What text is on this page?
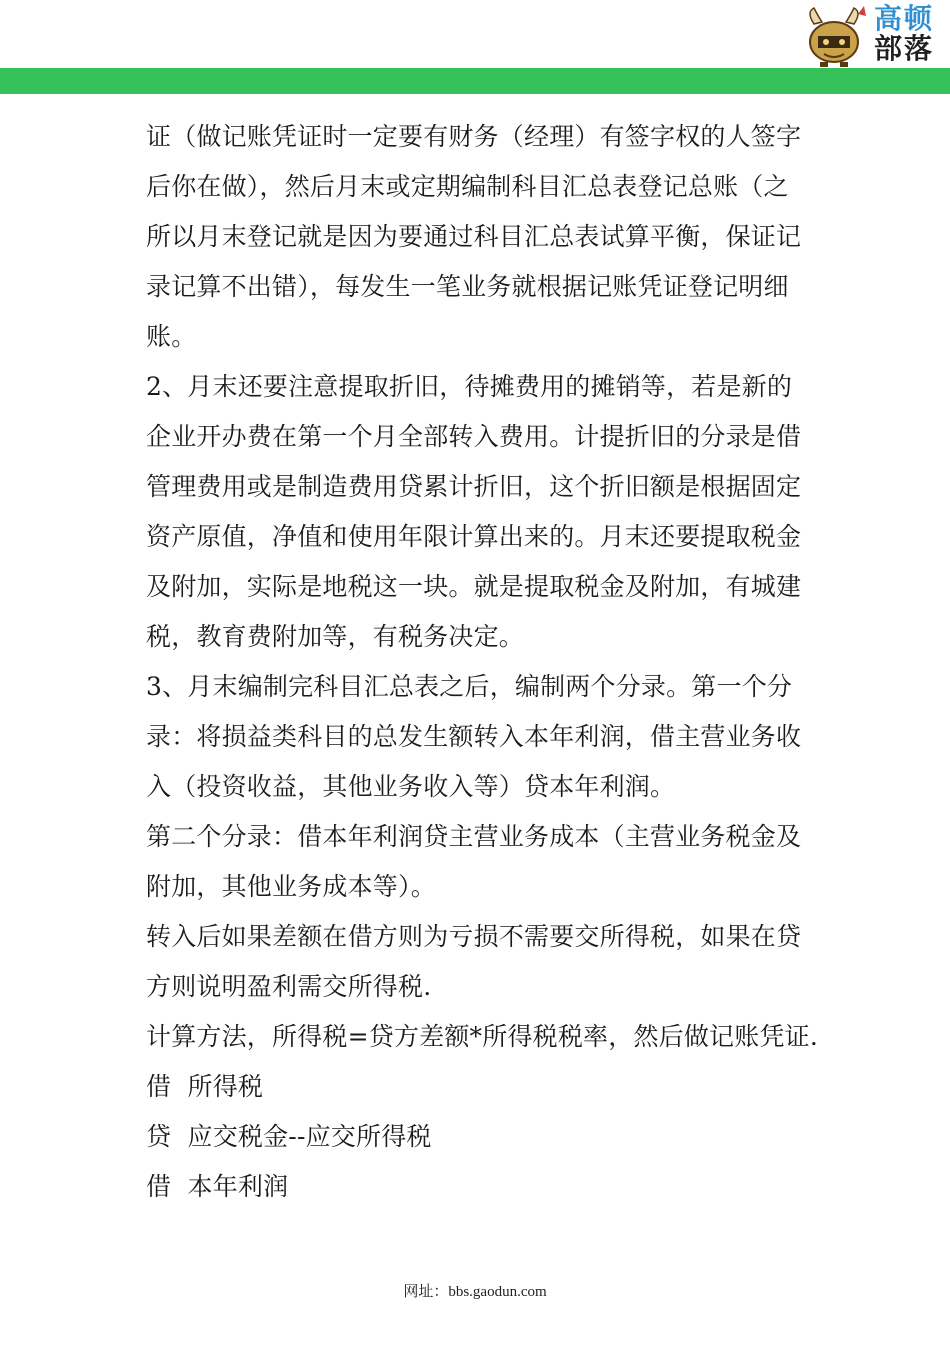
高顿
部落
证（做记账凭证时一定要有财务（经理）有签字权的人签字
后你在做），然后月末或定期编制科目汇总表登记总账（之
所以月末登记就是因为要通过科目汇总表试算平衡，保证记
录记算不出错），每发生一笔业务就根据记账凭证登记明细
账。
2、月末还要注意提取折旧，待摊费用的摊销等，若是新的
企业开办费在第一个月全部转入费用。计提折旧的分录是借
管理费用或是制造费用贷累计折旧，这个折旧额是根据固定
资产原值，净值和使用年限计算出来的。月末还要提取税金
及附加，实际是地税这一块。就是提取税金及附加，有城建
税，教育费附加等，有税务决定。
3、月末编制完科目汇总表之后，编制两个分录。第一个分
录：将损益类科目的总发生额转入本年利润，借主营业务收
入（投资收益，其他业务收入等）贷本年利润。
第二个分录：借本年利润贷主营业务成本（主营业务税金及
附加，其他业务成本等）。
转入后如果差额在借方则为亏损不需要交所得税，如果在贷
方则说明盈利需交所得税.
计算方法，所得税=贷方差额*所得税税率，然后做记账凭证.
借  所得税
贷  应交税金--应交所得税
借  本年利润
网址：bbs.gaodun.com
